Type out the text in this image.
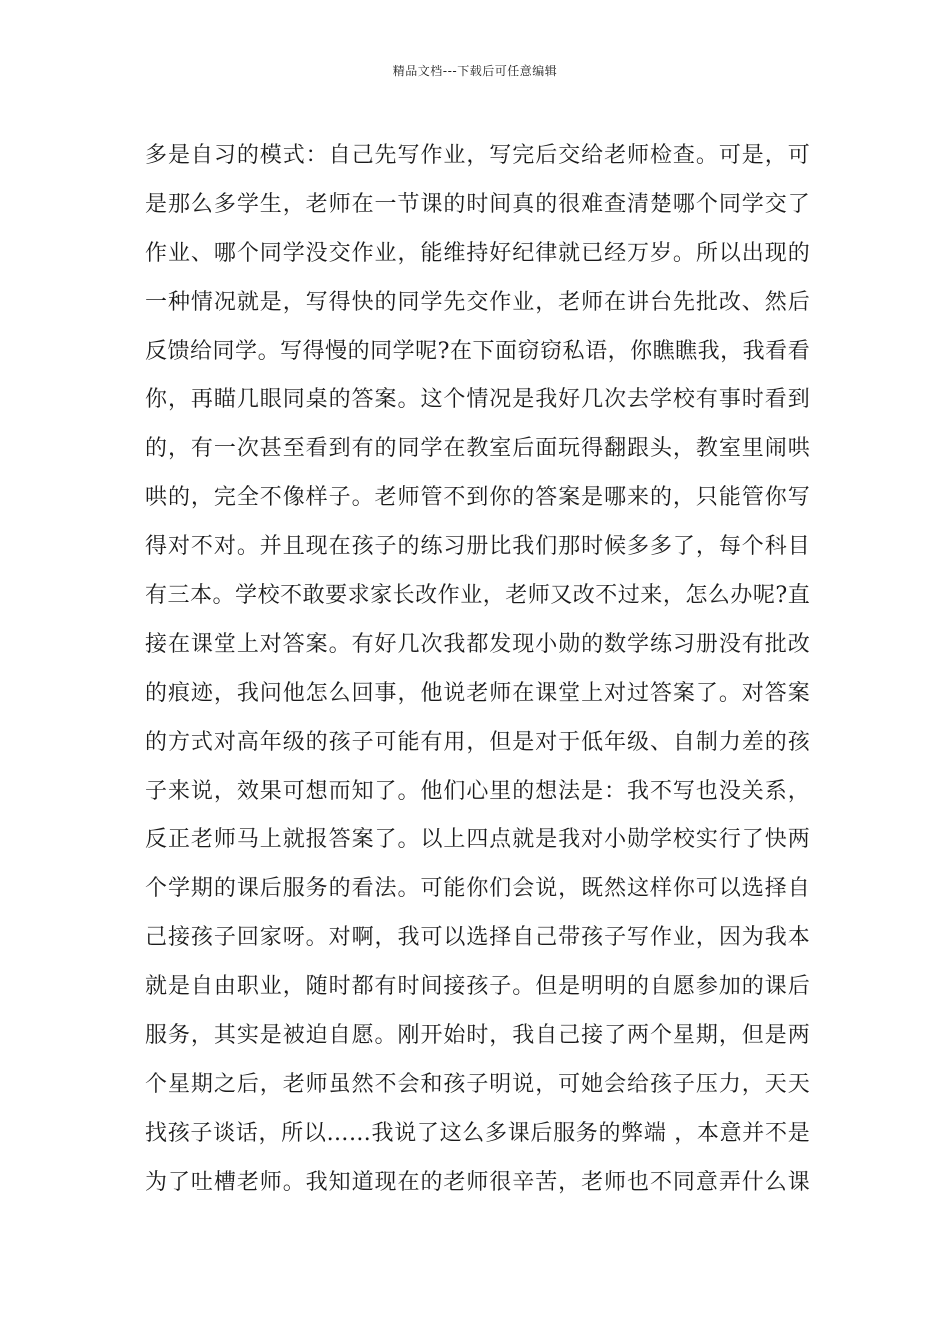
精品文档---下载后可任意编辑
多是自习的模式：自己先写作业，写完后交给老师检查。可是，可
是那么多学生，老师在一节课的时间真的很难查清楚哪个同学交了
作业、哪个同学没交作业，能维持好纪律就已经万岁。所以出现的
一种情况就是，写得快的同学先交作业，老师在讲台先批改、然后
反馈给同学。写得慢的同学呢?在下面窃窃私语，你瞧瞧我，我看看
你，再瞄几眼同桌的答案。这个情况是我好几次去学校有事时看到
的，有一次甚至看到有的同学在教室后面玩得翻跟头，教室里闹哄
哄的，完全不像样子。老师管不到你的答案是哪来的，只能管你写
得对不对。并且现在孩子的练习册比我们那时候多多了，每个科目
有三本。学校不敢要求家长改作业，老师又改不过来，怎么办呢?直
接在课堂上对答案。有好几次我都发现小勋的数学练习册没有批改
的痕迹，我问他怎么回事，他说老师在课堂上对过答案了。对答案
的方式对高年级的孩子可能有用，但是对于低年级、自制力差的孩
子来说，效果可想而知了。他们心里的想法是：我不写也没关系，
反正老师马上就报答案了。以上四点就是我对小勋学校实行了快两
个学期的课后服务的看法。可能你们会说，既然这样你可以选择自
己接孩子回家呀。对啊，我可以选择自己带孩子写作业，因为我本
就是自由职业，随时都有时间接孩子。但是明明的自愿参加的课后
服务，其实是被迫自愿。刚开始时，我自己接了两个星期，但是两
个星期之后，老师虽然不会和孩子明说，可她会给孩子压力，天天
找孩子谈话，所以……我说了这么多课后服务的弊端 ，本意并不是
为了吐槽老师。我知道现在的老师很辛苦，老师也不同意弄什么课
